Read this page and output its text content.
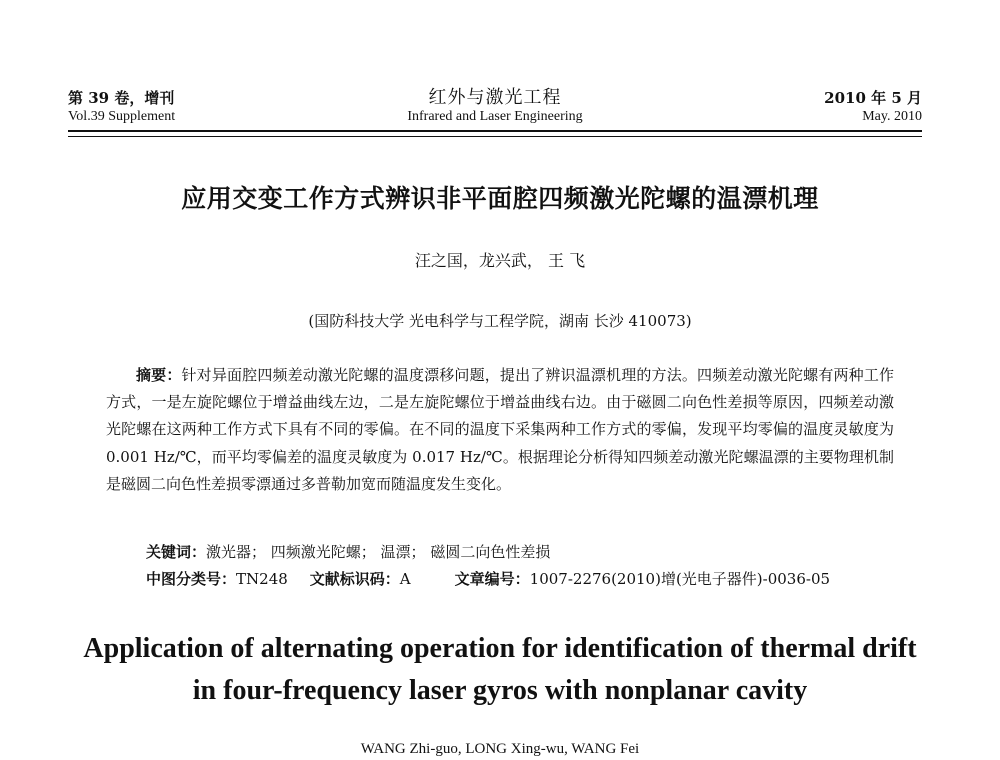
第 39 卷，增刊
Vol.39 Supplement
红外与激光工程
Infrared and Laser Engineering
2010 年 5 月
May. 2010
应用交变工作方式辨识非平面腔四频激光陀螺的温漂机理
汪之国，龙兴武， 王 飞
(国防科技大学 光电科学与工程学院，湖南 长沙 410073)
摘要：针对异面腔四频差动激光陀螺的温度漂移问题，提出了辨识温漂机理的方法。四频差动激光陀螺有两种工作方式，一是左旋陀螺位于增益曲线左边，二是左旋陀螺位于增益曲线右边。由于磁圆二向色性差损等原因，四频差动激光陀螺在这两种工作方式下具有不同的零偏。在不同的温度下采集两种工作方式的零偏，发现平均零偏的温度灵敏度为 0.001 Hz/℃，而平均零偏差的温度灵敏度为 0.017 Hz/℃。根据理论分析得知四频差动激光陀螺温漂的主要物理机制是磁圆二向色性差损零漂通过多普勒加宽而随温度发生变化。
关键词：激光器； 四频激光陀螺； 温漂； 磁圆二向色性差损
中图分类号：TN248 文献标识码：A	文章编号：1007-2276(2010)增(光电子器件)-0036-05
Application of alternating operation for identification of thermal drift
in four-frequency laser gyros with nonplanar cavity
WANG Zhi-guo, LONG Xing-wu, WANG Fei
